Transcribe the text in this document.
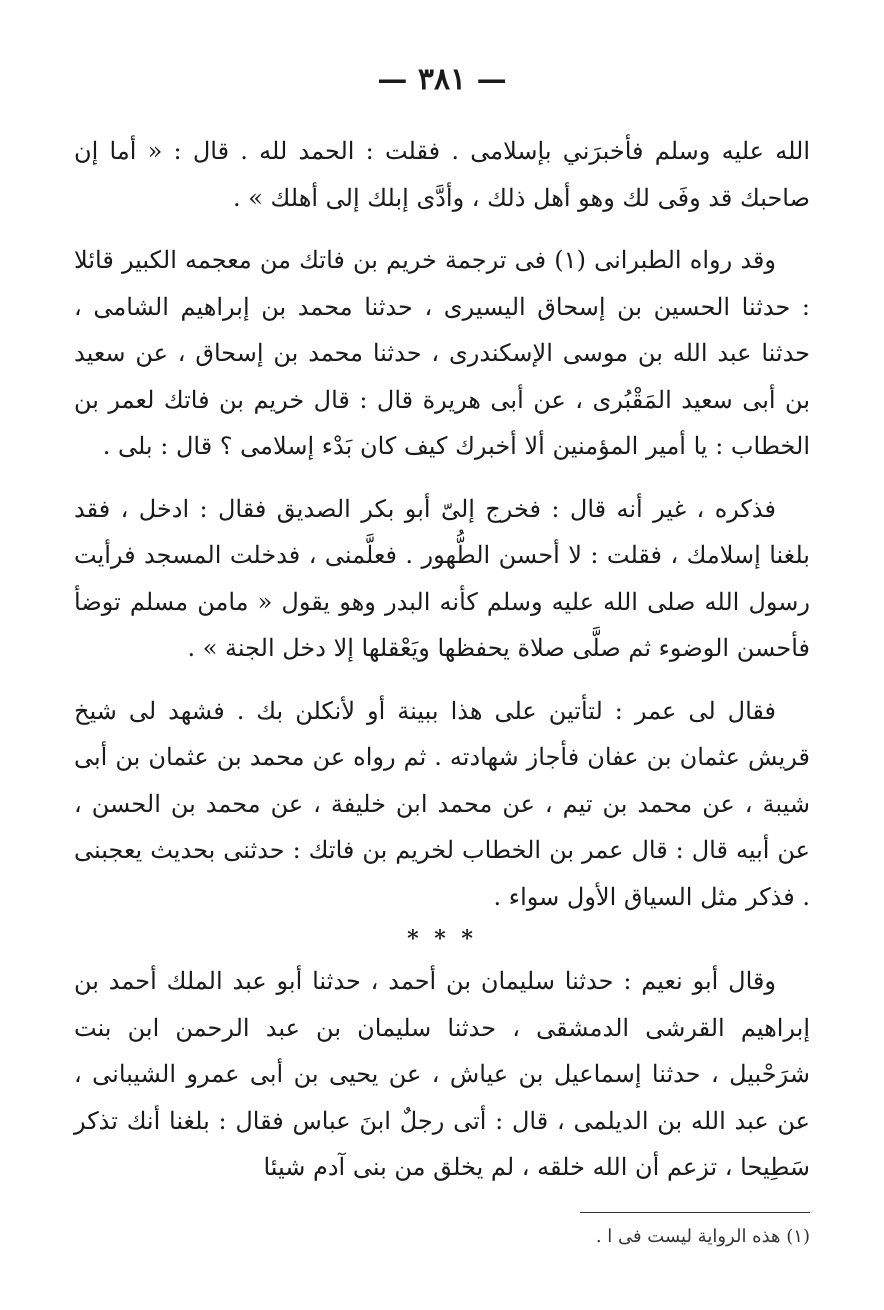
— ٣٨١ —

الله عليه وسلم فأخبرَني بإسلامى . فقلت : الحمد لله . قال : « أما إن صاحبك قد وفَى لك وهو أهل ذلك ، وأدَّى إبلك إلى أهلك » .

وقد رواه الطبرانى (١) فى ترجمة خريم بن فاتك من معجمه الكبير قائلا : حدثنا الحسين بن إسحاق اليسيرى ، حدثنا محمد بن إبراهيم الشامى ، حدثنا عبد الله بن موسى الإسكندرى ، حدثنا محمد بن إسحاق ، عن سعيد بن أبى سعيد المَقْبُرى ، عن أبى هريرة قال : قال خريم بن فاتك لعمر بن الخطاب : يا أمير المؤمنين ألا أخبرك كيف كان بَدْء إسلامى ؟ قال : بلى .

فذكره ، غير أنه قال : فخرج إلىّ أبو بكر الصديق فقال : ادخل ، فقد بلغنا إسلامك ، فقلت : لا أحسن الطُّهور . فعلَّمنى ، فدخلت المسجد فرأيت رسول الله صلى الله عليه وسلم كأنه البدر وهو يقول « مامن مسلم توضأ فأحسن الوضوء ثم صلَّى صلاة يحفظها ويَعْقلها إلا دخل الجنة » .

فقال لى عمر : لتأتين على هذا ببينة أو لأنكلن بك . فشهد لى شيخ قريش عثمان بن عفان فأجاز شهادته . ثم رواه عن محمد بن عثمان بن أبى شيبة ، عن محمد بن تيم ، عن محمد ابن خليفة ، عن محمد بن الحسن ، عن أبيه قال : قال عمر بن الخطاب لخريم بن فاتك : حدثنى بحديث يعجبنى . فذكر مثل السياق الأول سواء .

* * *

وقال أبو نعيم : حدثنا سليمان بن أحمد ، حدثنا أبو عبد الملك أحمد بن إبراهيم القرشى الدمشقى ، حدثنا سليمان بن عبد الرحمن ابن بنت شرَحْبيل ، حدثنا إسماعيل بن عياش ، عن يحيى بن أبى عمرو الشيبانى ، عن عبد الله بن الديلمى ، قال : أتى رجلٌ ابنَ عباس فقال : بلغنا أنك تذكر سَطِيحا ، تزعم أن الله خلقه ، لم يخلق من بنى آدم شيئا

(١) هذه الرواية ليست فى ا .
